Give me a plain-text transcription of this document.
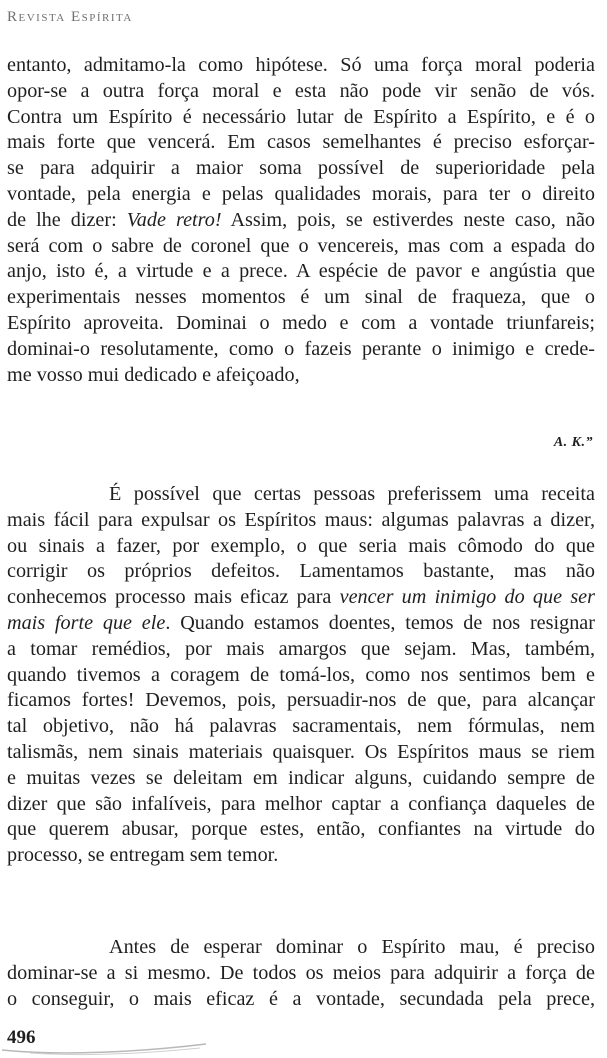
Revista Espírita
entanto, admitamo-la como hipótese. Só uma força moral poderia
opor-se a outra força moral e esta não pode vir senão de vós.
Contra um Espírito é necessário lutar de Espírito a Espírito, e é o
mais forte que vencerá. Em casos semelhantes é preciso esforçar-
se para adquirir a maior soma possível de superioridade pela
vontade, pela energia e pelas qualidades morais, para ter o direito
de lhe dizer: Vade retro! Assim, pois, se estiverdes neste caso, não
será com o sabre de coronel que o vencereis, mas com a espada do
anjo, isto é, a virtude e a prece. A espécie de pavor e angústia que
experimentais nesses momentos é um sinal de fraqueza, que o
Espírito aproveita. Dominai o medo e com a vontade triunfareis;
dominai-o resolutamente, como o fazeis perante o inimigo e crede-
me vosso mui dedicado e afeiçoado,
A. K.”
É possível que certas pessoas preferissem uma receita
mais fácil para expulsar os Espíritos maus: algumas palavras a dizer,
ou sinais a fazer, por exemplo, o que seria mais cômodo do que
corrigir os próprios defeitos. Lamentamos bastante, mas não
conhecemos processo mais eficaz para vencer um inimigo do que ser
mais forte que ele. Quando estamos doentes, temos de nos resignar
a tomar remédios, por mais amargos que sejam. Mas, também,
quando tivemos a coragem de tomá-los, como nos sentimos bem e
ficamos fortes! Devemos, pois, persuadir-nos de que, para alcançar
tal objetivo, não há palavras sacramentais, nem fórmulas, nem
talismãs, nem sinais materiais quaisquer. Os Espíritos maus se riem
e muitas vezes se deleitam em indicar alguns, cuidando sempre de
dizer que são infalíveis, para melhor captar a confiança daqueles de
que querem abusar, porque estes, então, confiantes na virtude do
processo, se entregam sem temor.
Antes de esperar dominar o Espírito mau, é preciso
dominar-se a si mesmo. De todos os meios para adquirir a força de
o conseguir, o mais eficaz é a vontade, secundada pela prece,
496
